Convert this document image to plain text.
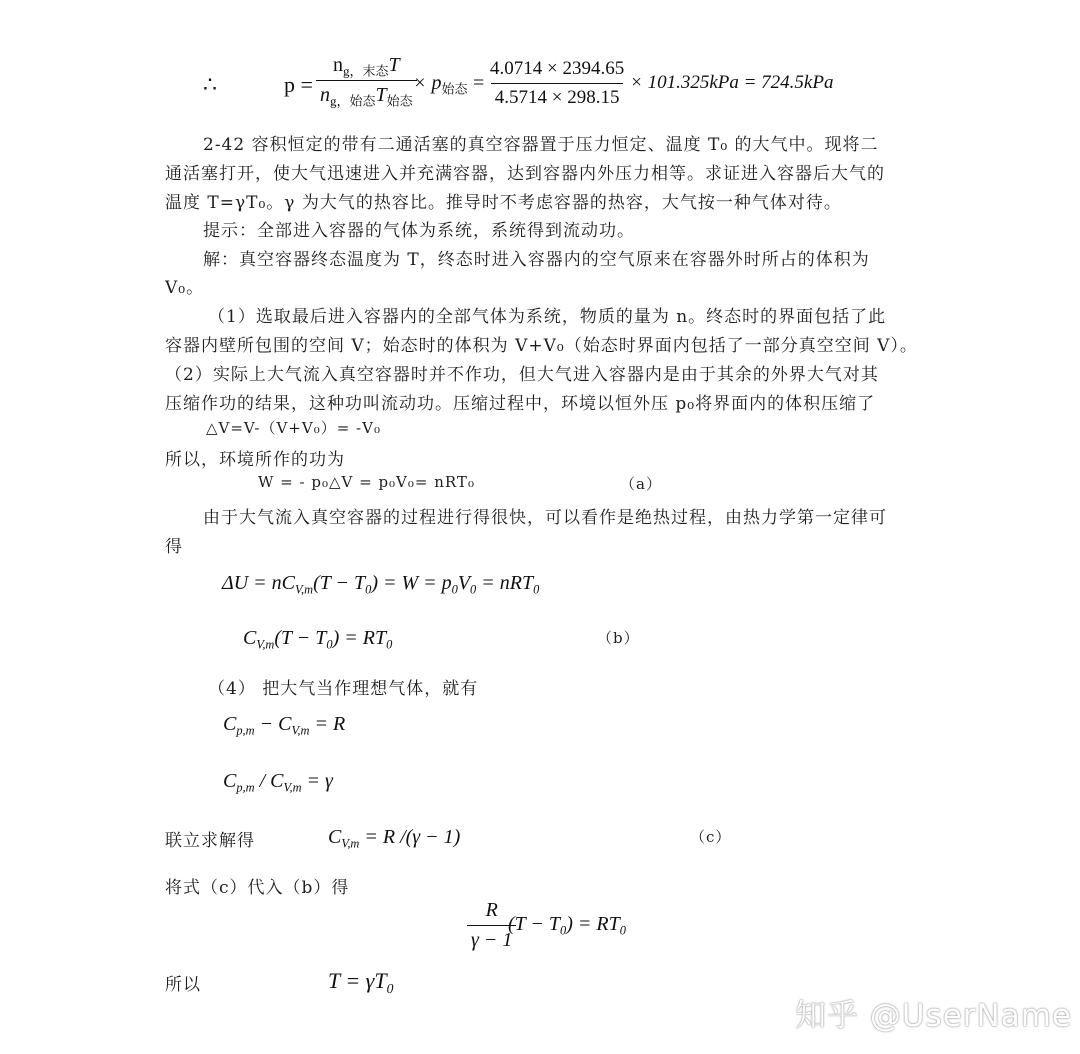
∴	p =
$n_{g,末态}T$
$n_{g,始态}T_{始态}$
× $p_{始态} = \frac{4.0714 \times 2394.65}{4.5714 \times 298.15} \times 101.325kPa = 724.5kPa$
2-42 容积恒定的带有二通活塞的真空容器置于压力恒定、温度 T₀ 的大气中。现将二
通活塞打开，使大气迅速进入并充满容器，达到容器内外压力相等。求证进入容器后大气的
温度 T=γT₀。γ 为大气的热容比。推导时不考虑容器的热容，大气按一种气体对待。
提示：全部进入容器的气体为系统，系统得到流动功。
解：真空容器终态温度为 T，终态时进入容器内的空气原来在容器外时所占的体积为
V₀。
（1）选取最后进入容器内的全部气体为系统，物质的量为 n。终态时的界面包括了此
容器内壁所包围的空间 V；始态时的体积为 V+V₀（始态时界面内包括了一部分真空空间 V）。
（2）实际上大气流入真空容器时并不作功，但大气进入容器内是由于其余的外界大气对其
压缩作功的结果，这种功叫流动功。压缩过程中，环境以恒外压 p₀将界面内的体积压缩了
△V=V-（V+V₀）= -V₀
所以，环境所作的功为
W = - p₀△V = p₀V₀= nRT₀	（a）
由于大气流入真空容器的过程进行得很快，可以看作是绝热过程，由热力学第一定律可
得
$\Delta U = nC_{V,m}(T - T_0) = W = p_0V_0 = nRT_0$
$C_{V,m}(T - T_0) = RT_0$	（b）
（4） 把大气当作理想气体，就有
$C_{p,m} - C_{V,m} = R$
$C_{p,m} / C_{V,m} = \gamma$
联立求解得	$C_{V,m} = R$ /(γ − 1)	（c）
将式（c）代入（b）得
$\frac{R}{\gamma - 1}$
$(T - T_0) = RT_0$
所以	$T = \gamma T_0$
知乎 @UserName
